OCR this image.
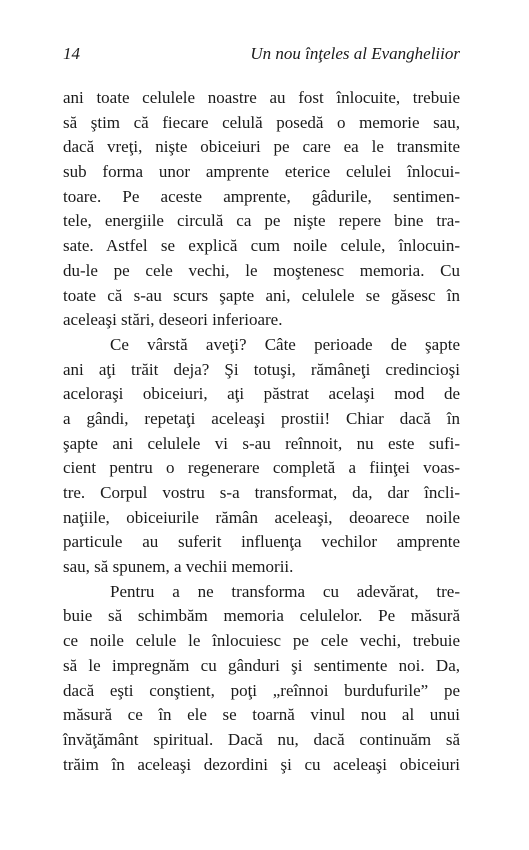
14	Un nou înţeles al Evangheliior
ani toate celulele noastre au fost înlocuite, trebuie
să ştim că fiecare celulă posedă o memorie sau,
dacă vreţi, nişte obiceiuri pe care ea le transmite
sub forma unor amprente eterice celulei înlocui-
toare. Pe aceste amprente, gâdurile, sentimen-
tele, energiile circulă ca pe nişte repere bine tra-
sate. Astfel se explică cum noile celule, înlocuin-
du-le pe cele vechi, le moştenesc memoria. Cu
toate că s-au scurs şapte ani, celulele se găsesc în
aceleaşi stări, deseori inferioare.
Ce vârstă aveţi? Câte perioade de şapte
ani aţi trăit deja? Şi totuşi, rămâneţi credincioşi
aceloraşi obiceiuri, aţi păstrat acelaşi mod de
a gândi, repetaţi aceleaşi prostii! Chiar dacă în
şapte ani celulele vi s-au reînnoit, nu este sufi-
cient pentru o regenerare completă a fiinţei voas-
tre. Corpul vostru s-a transformat, da, dar încli-
naţiile, obiceiurile rămân aceleaşi, deoarece noile
particule au suferit influenţa vechilor amprente
sau, să spunem, a vechii memorii.
Pentru a ne transforma cu adevărat, tre-
buie să schimbăm memoria celulelor. Pe măsură
ce noile celule le înlocuiesc pe cele vechi, trebuie
să le impregnăm cu gânduri şi sentimente noi. Da,
dacă eşti conştient, poţi „reînnoi burdufurile” pe
măsură ce în ele se toarnă vinul nou al unui
învăţământ spiritual. Dacă nu, dacă continuăm să
trăim în aceleaşi dezordini şi cu aceleaşi obiceiuri
